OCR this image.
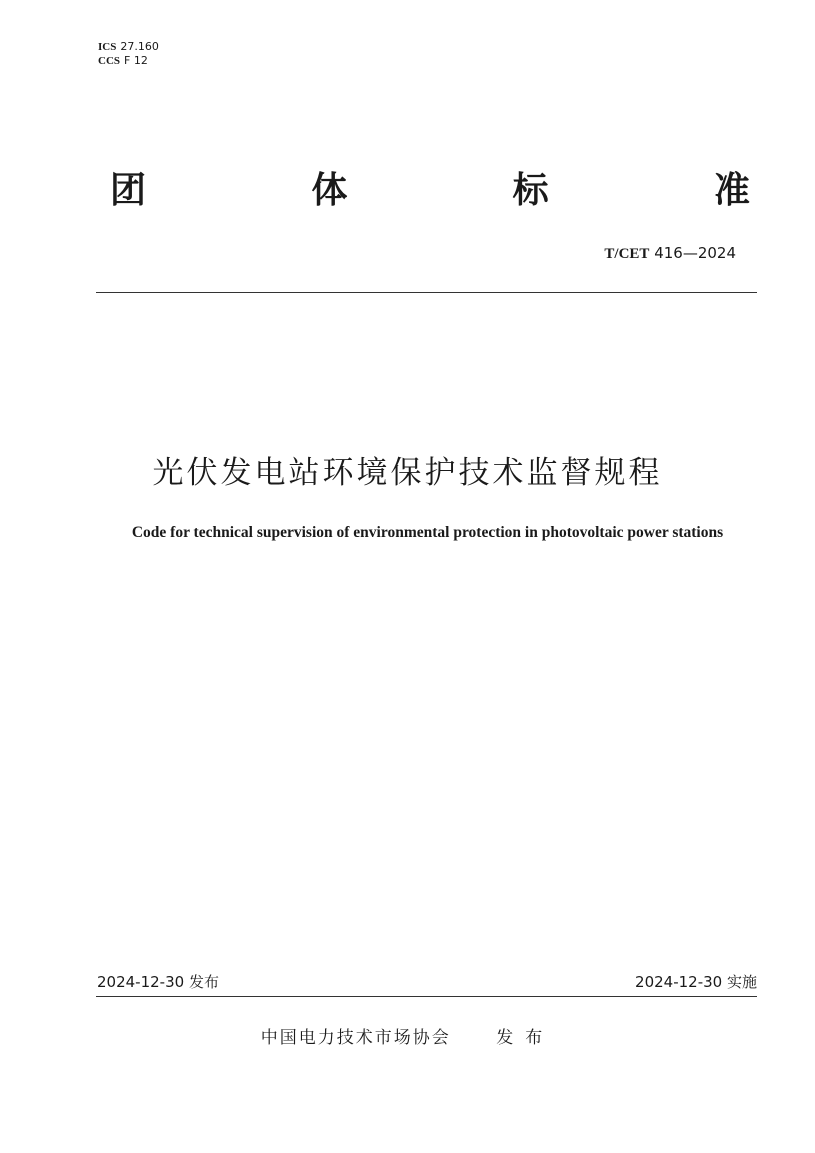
ICS 27.160
CCS F 12
团	体	标	准
T/CET 416—2024
光伏发电站环境保护技术监督规程
Code for technical supervision of environmental protection in photovoltaic power stations
2024-12-30 发布	2024-12-30 实施
中国电力技术市场协会	发布
